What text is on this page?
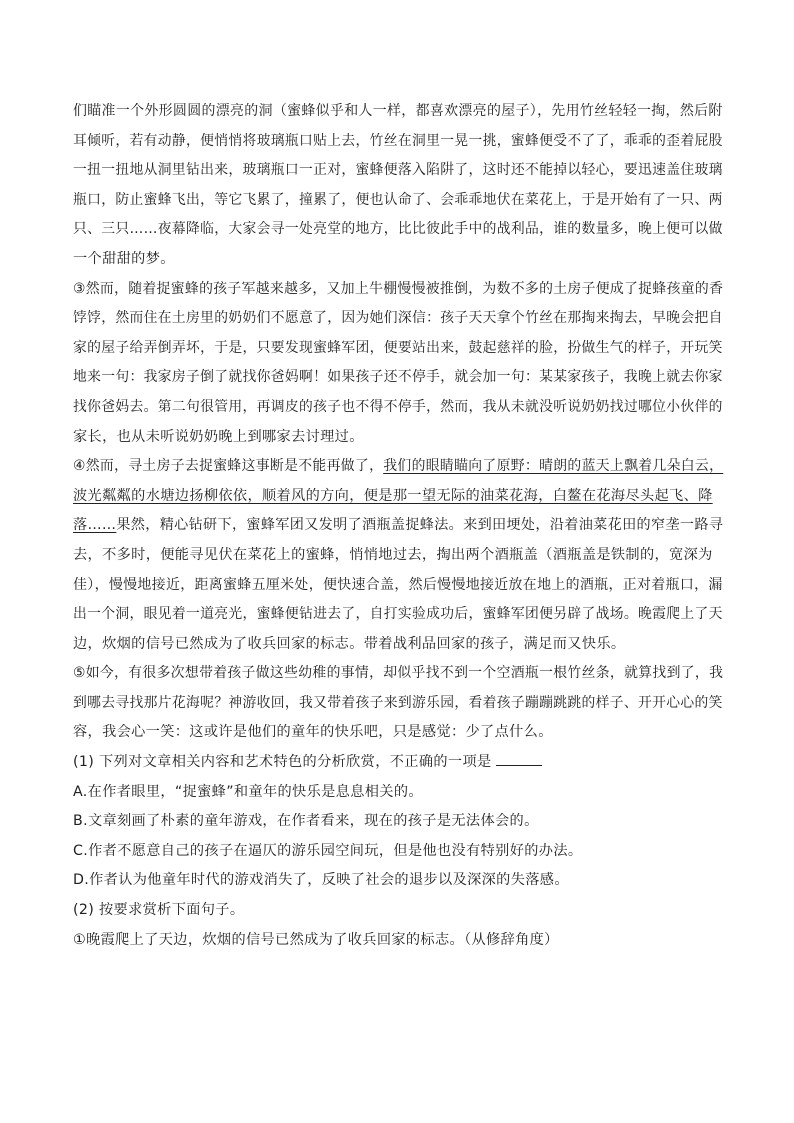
们瞄准一个外形圆圆的漂亮的洞（蜜蜂似乎和人一样，都喜欢漂亮的屋子），先用竹丝轻轻一掏，然后附
耳倾听，若有动静，便悄悄将玻璃瓶口贴上去，竹丝在洞里一晃一挑，蜜蜂便受不了了，乖乖的歪着屁股
一扭一扭地从洞里钻出来，玻璃瓶口一正对，蜜蜂便落入陷阱了，这时还不能掉以轻心，要迅速盖住玻璃
瓶口，防止蜜蜂飞出，等它飞累了，撞累了，便也认命了、会乖乖地伏在菜花上，于是开始有了一只、两
只、三只……夜幕降临，大家会寻一处亮堂的地方，比比彼此手中的战利品，谁的数量多，晚上便可以做
一个甜甜的梦。
③然而，随着捉蜜蜂的孩子军越来越多，又加上牛棚慢慢被推倒，为数不多的土房子便成了捉蜂孩童的香
饽饽，然而住在土房里的奶奶们不愿意了，因为她们深信：孩子天天拿个竹丝在那掏来掏去，早晚会把自
家的屋子给弄倒弄坏，于是，只要发现蜜蜂军团，便要站出来，鼓起慈祥的脸，扮做生气的样子，开玩笑
地来一句：我家房子倒了就找你爸妈啊！如果孩子还不停手，就会加一句：某某家孩子，我晚上就去你家
找你爸妈去。第二句很管用，再调皮的孩子也不得不停手，然而，我从未就没听说奶奶找过哪位小伙伴的
家长，也从未听说奶奶晚上到哪家去讨理过。
④然而，寻土房子去捉蜜蜂这事断是不能再做了，我们的眼睛瞄向了原野：晴朗的蓝天上飘着几朵白云，
波光粼粼的水塘边扬柳依依，顺着风的方向，便是那一望无际的油菜花海，白鳌在花海尽头起飞、降
落……果然，精心钻研下，蜜蜂军团又发明了酒瓶盖捉蜂法。来到田埂处，沿着油菜花田的窄垄一路寻
去，不多时，便能寻见伏在菜花上的蜜蜂，悄悄地过去，掏出两个酒瓶盖（酒瓶盖是铁制的，宽深为
佳），慢慢地接近，距离蜜蜂五厘米处，便快速合盖，然后慢慢地接近放在地上的酒瓶，正对着瓶口，漏
出一个洞，眼见着一道亮光，蜜蜂便钻进去了，自打实验成功后，蜜蜂军团便另辟了战场。晚霞爬上了天
边，炊烟的信号已然成为了收兵回家的标志。带着战利品回家的孩子，满足而又快乐。
⑤如今，有很多次想带着孩子做这些幼稚的事情，却似乎找不到一个空酒瓶一根竹丝条，就算找到了，我
到哪去寻找那片花海呢？神游收回，我又带着孩子来到游乐园，看着孩子蹦蹦跳跳的样子、开开心心的笑
容，我会心一笑：这或许是他们的童年的快乐吧，只是感觉：少了点什么。
(1) 下列对文章相关内容和艺术特色的分析欣赏，不正确的一项是
A.在作者眼里，“捉蜜蜂”和童年的快乐是息息相关的。
B.文章刻画了朴素的童年游戏，在作者看来，现在的孩子是无法体会的。
C.作者不愿意自己的孩子在逼仄的游乐园空间玩，但是他也没有特别好的办法。
D.作者认为他童年时代的游戏消失了，反映了社会的退步以及深深的失落感。
(2) 按要求赏析下面句子。
①晚霞爬上了天边，炊烟的信号已然成为了收兵回家的标志。（从修辞角度）
